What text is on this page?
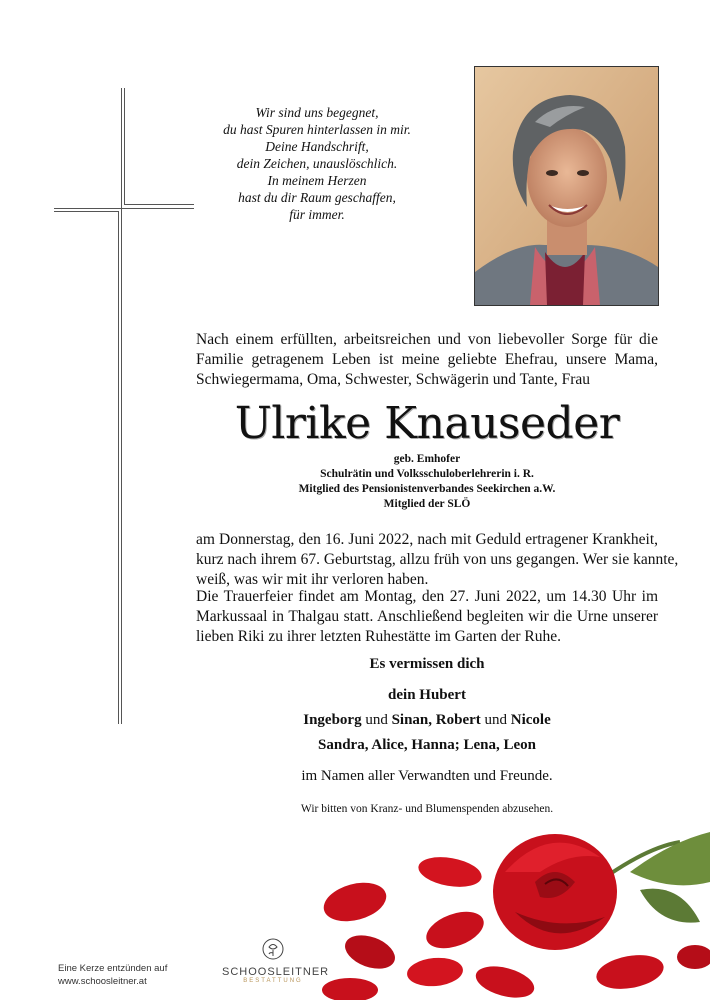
Wir sind uns begegnet,
du hast Spuren hinterlassen in mir.
Deine Handschrift,
dein Zeichen, unauslöschlich.
In meinem Herzen
hast du dir Raum geschaffen,
für immer.
Nach einem erfüllten, arbeitsreichen und von liebevoller Sorge für die
Familie getragenem Leben ist meine geliebte Ehefrau, unsere Mama,
Schwiegermama, Oma, Schwester, Schwägerin und Tante, Frau
Ulrike Knauseder
geb. Emhofer
Schulrätin und Volksschuloberlehrerin i. R.
Mitglied des Pensionistenverbandes Seekirchen a.W.
Mitglied der SLÖ
am Donnerstag, den 16. Juni 2022, nach mit Geduld ertragener Krankheit,
kurz nach ihrem 67. Geburtstag, allzu früh von uns gegangen. Wer sie kannte,
weiß, was wir mit ihr verloren haben.
Die Trauerfeier findet am Montag, den 27. Juni 2022, um 14.30 Uhr im
Markussaal in Thalgau statt. Anschließend begleiten wir die Urne unserer
lieben Riki zu ihrer letzten Ruhestätte im Garten der Ruhe.
Es vermissen dich
dein Hubert
Ingeborg und Sinan, Robert und Nicole
Sandra, Alice, Hanna; Lena, Leon
im Namen aller Verwandten und Freunde.
Wir bitten von Kranz- und Blumenspenden abzusehen.
Eine Kerze entzünden auf
www.schoosleitner.at
SCHOOSLEITNER
BESTATTUNG
